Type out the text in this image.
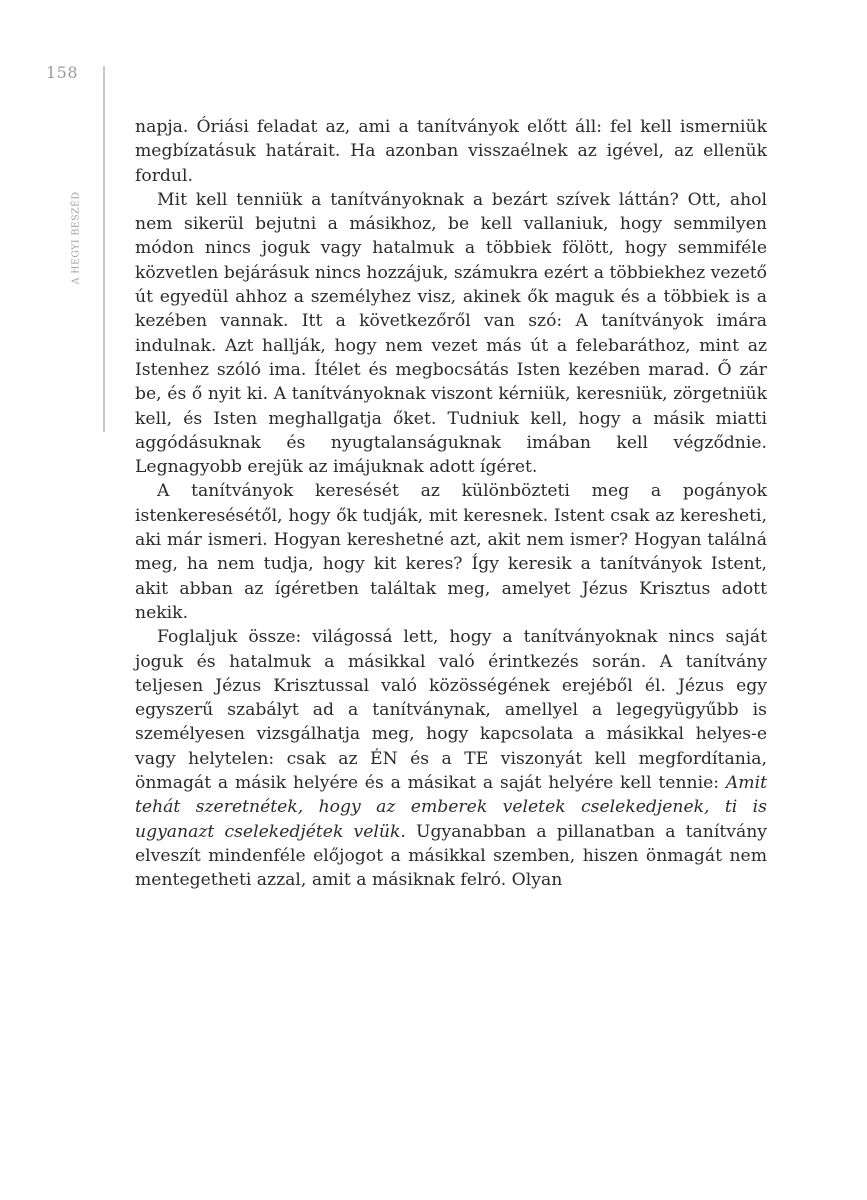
158
A HEGYI BESZÉD

napja. Óriási feladat az, ami a tanítványok előtt áll: fel kell ismerniük megbízatásuk határait. Ha azonban visszaélnek az igével, az ellenük fordul.

Mit kell tenniük a tanítványoknak a bezárt szívek láttán? Ott, ahol nem sikerül bejutni a másikhoz, be kell vallaniuk, hogy semmilyen módon nincs joguk vagy hatalmuk a többiek fölött, hogy semmiféle közvetlen bejárásuk nincs hozzájuk, számukra ezért a többiekhez vezető út egyedül ahhoz a személyhez visz, akinek ők maguk és a többiek is a kezében vannak. Itt a következőről van szó: A tanítványok imára indulnak. Azt hallják, hogy nem vezet más út a felebaráthoz, mint az Istenhez szóló ima. Ítélet és megbocsátás Isten kezében marad. Ő zár be, és ő nyit ki. A tanítványoknak viszont kérniük, keresniük, zörgetniük kell, és Isten meghallgatja őket. Tudniuk kell, hogy a másik miatti aggódásuknak és nyugtalanságuknak imában kell végződnie. Legnagyobb erejük az imájuknak adott ígéret.

A tanítványok keresését az különbözteti meg a pogányok istenkeresésétől, hogy ők tudják, mit keresnek. Istent csak az keresheti, aki már ismeri. Hogyan kereshetné azt, akit nem ismer? Hogyan találná meg, ha nem tudja, hogy kit keres? Így keresik a tanítványok Istent, akit abban az ígéretben találtak meg, amelyet Jézus Krisztus adott nekik.

Foglaljuk össze: világossá lett, hogy a tanítványoknak nincs saját joguk és hatalmuk a másikkal való érintkezés során. A tanítvány teljesen Jézus Krisztussal való közösségének erejéből él. Jézus egy egyszerű szabályt ad a tanítványnak, amellyel a legegyügyűbb is személyesen vizsgálhatja meg, hogy kapcsolata a másikkal helyes-e vagy helytelen: csak az ÉN és a TE viszonyát kell megfordítania, önmagát a másik helyére és a másikat a saját helyére kell tennie: Amit tehát szeretnétek, hogy az emberek veletek cselekedjenek, ti is ugyanazt cselekedjétek velük. Ugyanabban a pillanatban a tanítvány elveszít mindenféle előjogot a másikkal szemben, hiszen önmagát nem mentegetheti azzal, amit a másiknak felró. Olyan
